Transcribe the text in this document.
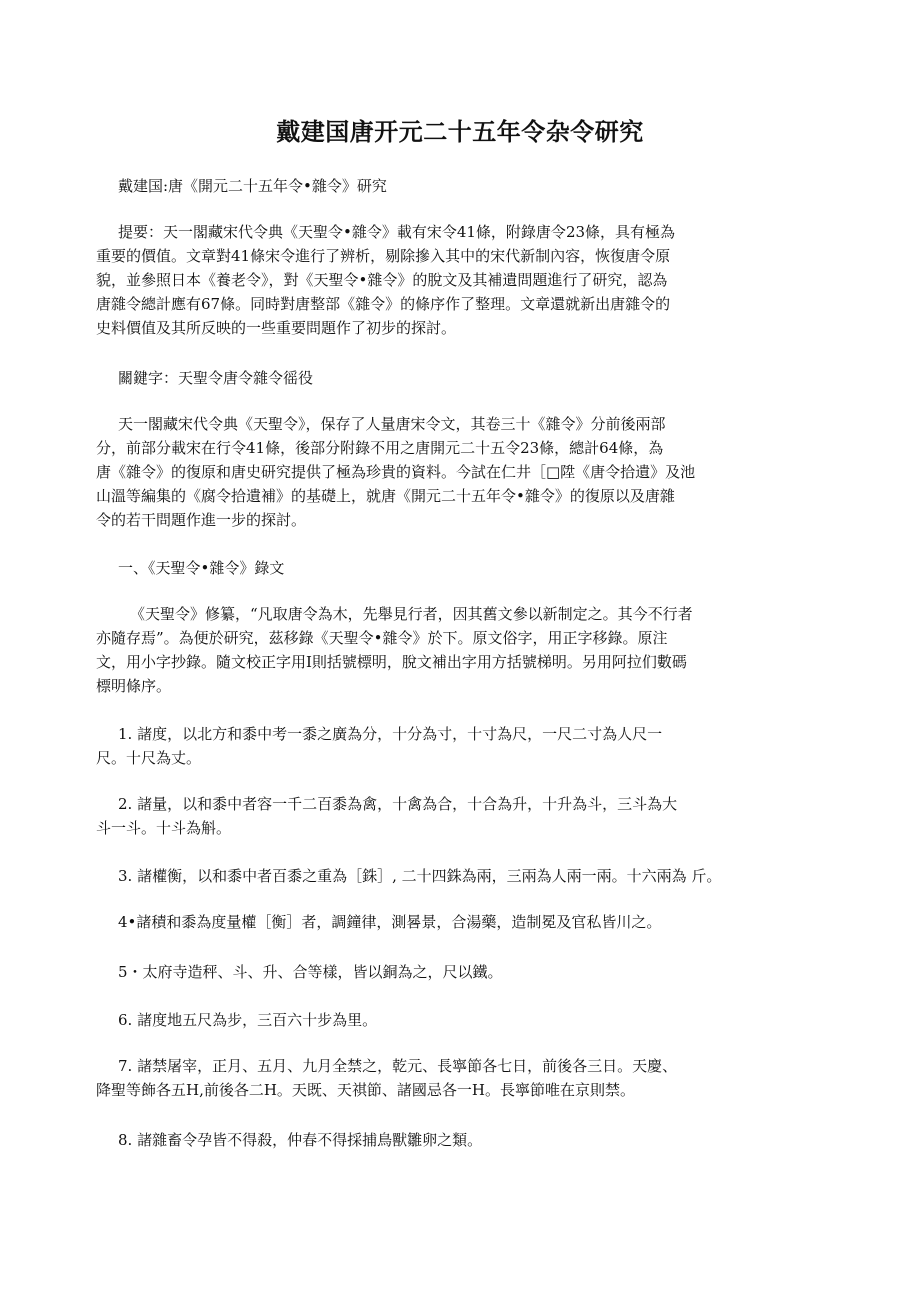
戴建国唐开元二十五年令杂令研究

戴建国:唐《開元二十五年令•雜令》研究

提要：天一閣藏宋代令典《天聖令•雜令》載有宋令41條，附錄唐令23條，具有極為
重要的價值。文章對41條宋令進行了辨析，剔除摻入其中的宋代新制內容，恢復唐令原
貌，並參照日本《養老令》，對《天聖令•雜令》的脫文及其補遺問題進行了研究，認為
唐雜令總計應有67條。同時對唐整部《雜令》的條序作了整理。文章還就新出唐雜令的
史料價值及其所反映的一些重要問題作了初步的探討。

關鍵字：天聖令唐令雜令徭役

天一閣藏宋代令典《天聖令》，保存了人量唐宋令文，其卷三十《雜令》分前後兩部
分，前部分載宋在行令41條，後部分附錄不用之唐開元二十五令23條，總計64條，為
唐《雜令》的復原和唐史研究提供了極為珍貴的資料。今試在仁井［□陞《唐令拾遺》及池
山溫等編集的《腐令拾遺補》的基礎上，就唐《開元二十五年令•雜令》的復原以及唐雜
令的若干問題作進一步的探討。

一、《天聖令•雜令》錄文

《天聖令》修纂，“凡取唐令為木，先舉見行者，因其舊文參以新制定之。其今不行者
亦隨存焉”。為便於研究，茲移錄《天聖令•雜令》於下。原文俗字，用正字移錄。原注
文，用小字抄錄。隨文校正字用I則括號標明，脫文補出字用方括號梯明。另用阿拉们數碼
標明條序。
1. 諸度，以北方和黍中考一黍之廣為分，十分為寸，十寸為尺，一尺二寸為人尺一
尺。十尺為丈。
2. 諸量，以和黍中者容一千二百黍為禽，十禽為合，十合為升，十升為斗，三斗為大
斗一斗。十斗為斛。

3. 諸權衡，以和黍中者百黍之重為［銖］, 二十四銖為兩，三兩為人兩一兩。十六兩為 斤。

4•諸積和黍為度量權［衡］者，調鐘律，測晷景，合湯藥，造制冕及官私皆川之。

5・太府寺造秤、斗、升、合等樣，皆以銅為之，尺以鐵。

6. 諸度地五尺為步，三百六十步為里。

7. 諸禁屠宰，正月、五月、九月全禁之，乾元、長寧節各七日，前後各三日。天慶、
降聖等飾各五H,前後各二H。天既、天祺節、諸國忌各一H。長寧節唯在京則禁。

8. 諸雜畜令孕皆不得殺，仲春不得採捕鳥獸雛卵之類。
